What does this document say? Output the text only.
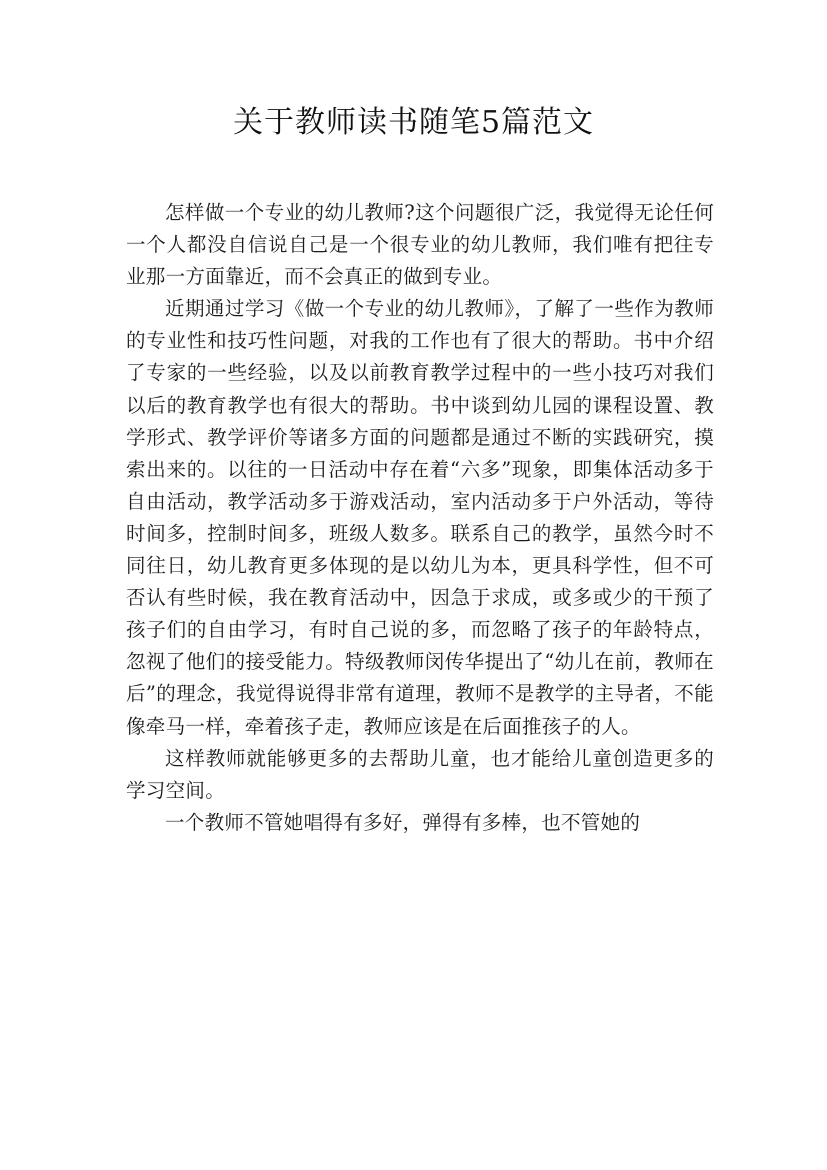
关于教师读书随笔5篇范文

怎样做一个专业的幼儿教师?这个问题很广泛，我觉得无论任何一个人都没自信说自己是一个很专业的幼儿教师，我们唯有把往专业那一方面靠近，而不会真正的做到专业。

近期通过学习《做一个专业的幼儿教师》，了解了一些作为教师的专业性和技巧性问题，对我的工作也有了很大的帮助。书中介绍了专家的一些经验，以及以前教育教学过程中的一些小技巧对我们以后的教育教学也有很大的帮助。书中谈到幼儿园的课程设置、教学形式、教学评价等诸多方面的问题都是通过不断的实践研究，摸索出来的。以往的一日活动中存在着“六多”现象，即集体活动多于自由活动，教学活动多于游戏活动，室内活动多于户外活动，等待时间多，控制时间多，班级人数多。联系自己的教学，虽然今时不同往日，幼儿教育更多体现的是以幼儿为本，更具科学性，但不可否认有些时候，我在教育活动中，因急于求成，或多或少的干预了孩子们的自由学习，有时自己说的多，而忽略了孩子的年龄特点，忽视了他们的接受能力。特级教师闵传华提出了“幼儿在前，教师在后”的理念，我觉得说得非常有道理，教师不是教学的主导者，不能像牵马一样，牵着孩子走，教师应该是在后面推孩子的人。

这样教师就能够更多的去帮助儿童，也才能给儿童创造更多的学习空间。

一个教师不管她唱得有多好，弹得有多棒，也不管她的
